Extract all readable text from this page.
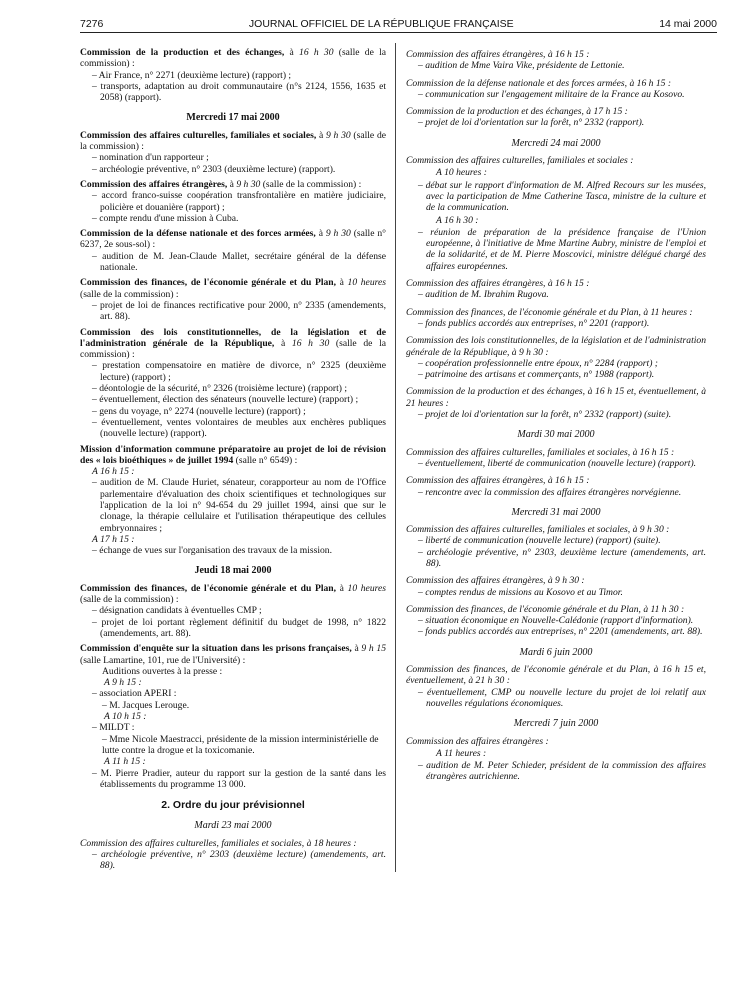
7276	JOURNAL OFFICIEL DE LA RÉPUBLIQUE FRANÇAISE	14 mai 2000

Commission de la production et des échanges, à 16 h 30 (salle de la commission) :

– Air France, n° 2271 (deuxième lecture) (rapport) ;

– transports, adaptation au droit communautaire (n°s 2124, 1556, 1635 et 2058) (rapport).

Mercredi 17 mai 2000

Commission des affaires culturelles, familiales et sociales, à 9 h 30 (salle de la commission) :

– nomination d'un rapporteur ;

– archéologie préventive, n° 2303 (deuxième lecture) (rapport).

Commission des affaires étrangères, à 9 h 30 (salle de la commission) :

– accord franco-suisse coopération transfrontalière en matière judiciaire, policière et douanière (rapport) ;

– compte rendu d'une mission à Cuba.

Commission de la défense nationale et des forces armées, à 9 h 30 (salle n° 6237, 2e sous-sol) :

– audition de M. Jean-Claude Mallet, secrétaire général de la défense nationale.

Commission des finances, de l'économie générale et du Plan, à 10 heures (salle de la commission) :

– projet de loi de finances rectificative pour 2000, n° 2335 (amendements, art. 88).

Commission des lois constitutionnelles, de la législation et de l'administration générale de la République, à 16 h 30 (salle de la commission) :

– prestation compensatoire en matière de divorce, n° 2325 (deuxième lecture) (rapport) ;

– déontologie de la sécurité, n° 2326 (troisième lecture) (rapport) ;

– éventuellement, élection des sénateurs (nouvelle lecture) (rapport) ;

– gens du voyage, n° 2274 (nouvelle lecture) (rapport) ;

– éventuellement, ventes volontaires de meubles aux enchères publiques (nouvelle lecture) (rapport).

Mission d'information commune préparatoire au projet de loi de révision des « lois bioéthiques » de juillet 1994 (salle n° 6549) :

A 16 h 15 :

– audition de M. Claude Huriet, sénateur, corapporteur au nom de l'Office parlementaire d'évaluation des choix scientifiques et technologiques sur l'application de la loi n° 94-654 du 29 juillet 1994, ainsi que sur le clonage, la thérapie cellulaire et l'utilisation thérapeutique des cellules embryonnaires ;

A 17 h 15 :

– échange de vues sur l'organisation des travaux de la mission.

Jeudi 18 mai 2000

Commission des finances, de l'économie générale et du Plan, à 10 heures (salle de la commission) :

– désignation candidats à éventuelles CMP ;

– projet de loi portant règlement définitif du budget de 1998, n° 1822 (amendements, art. 88).

Commission d'enquête sur la situation dans les prisons françaises, à 9 h 15 (salle Lamartine, 101, rue de l'Université) :

Auditions ouvertes à la presse :

A 9 h 15 :

– association APERI :

– M. Jacques Lerouge.

A 10 h 15 :

– MILDT :

– Mme Nicole Maestracci, présidente de la mission interministérielle de lutte contre la drogue et la toxicomanie.

A 11 h 15 :

– M. Pierre Pradier, auteur du rapport sur la gestion de la santé dans les établissements du programme 13 000.

2. Ordre du jour prévisionnel
Mardi 23 mai 2000

Commission des affaires culturelles, familiales et sociales, à 18 heures :

– archéologie préventive, n° 2303 (deuxième lecture) (amendements, art. 88).

Commission des affaires étrangères, à 16 h 15 :

– audition de Mme Vaira Vike, présidente de Lettonie.

Commission de la défense nationale et des forces armées, à 16 h 15 :

– communication sur l'engagement militaire de la France au Kosovo.

Commission de la production et des échanges, à 17 h 15 :

– projet de loi d'orientation sur la forêt, n° 2332 (rapport).

Mercredi 24 mai 2000

Commission des affaires culturelles, familiales et sociales :

A 10 heures :

– débat sur le rapport d'information de M. Alfred Recours sur les musées, avec la participation de Mme Catherine Tasca, ministre de la culture et de la communication.

A 16 h 30 :

– réunion de préparation de la présidence française de l'Union européenne, à l'initiative de Mme Martine Aubry, ministre de l'emploi et de la solidarité, et de M. Pierre Moscovici, ministre délégué chargé des affaires européennes.

Commission des affaires étrangères, à 16 h 15 :

– audition de M. Ibrahim Rugova.

Commission des finances, de l'économie générale et du Plan, à 11 heures :

– fonds publics accordés aux entreprises, n° 2201 (rapport).

Commission des lois constitutionnelles, de la législation et de l'administration générale de la République, à 9 h 30 :

– coopération professionnelle entre époux, n° 2284 (rapport) ;

– patrimoine des artisans et commerçants, n° 1988 (rapport).

Commission de la production et des échanges, à 16 h 15 et, éventuellement, à 21 heures :

– projet de loi d'orientation sur la forêt, n° 2332 (rapport) (suite).

Mardi 30 mai 2000

Commission des affaires culturelles, familiales et sociales, à 16 h 15 :

– éventuellement, liberté de communication (nouvelle lecture) (rapport).

Commission des affaires étrangères, à 16 h 15 :

– rencontre avec la commission des affaires étrangères norvégienne.

Mercredi 31 mai 2000

Commission des affaires culturelles, familiales et sociales, à 9 h 30 :

– liberté de communication (nouvelle lecture) (rapport) (suite).

– archéologie préventive, n° 2303, deuxième lecture (amendements, art. 88).

Commission des affaires étrangères, à 9 h 30 :

– comptes rendus de missions au Kosovo et au Timor.

Commission des finances, de l'économie générale et du Plan, à 11 h 30 :

– situation économique en Nouvelle-Calédonie (rapport d'information).

– fonds publics accordés aux entreprises, n° 2201 (amendements, art. 88).

Mardi 6 juin 2000

Commission des finances, de l'économie générale et du Plan, à 16 h 15 et, éventuellement, à 21 h 30 :

– éventuellement, CMP ou nouvelle lecture du projet de loi relatif aux nouvelles régulations économiques.

Mercredi 7 juin 2000

Commission des affaires étrangères :

A 11 heures :

– audition de M. Peter Schieder, président de la commission des affaires étrangères autrichienne.
